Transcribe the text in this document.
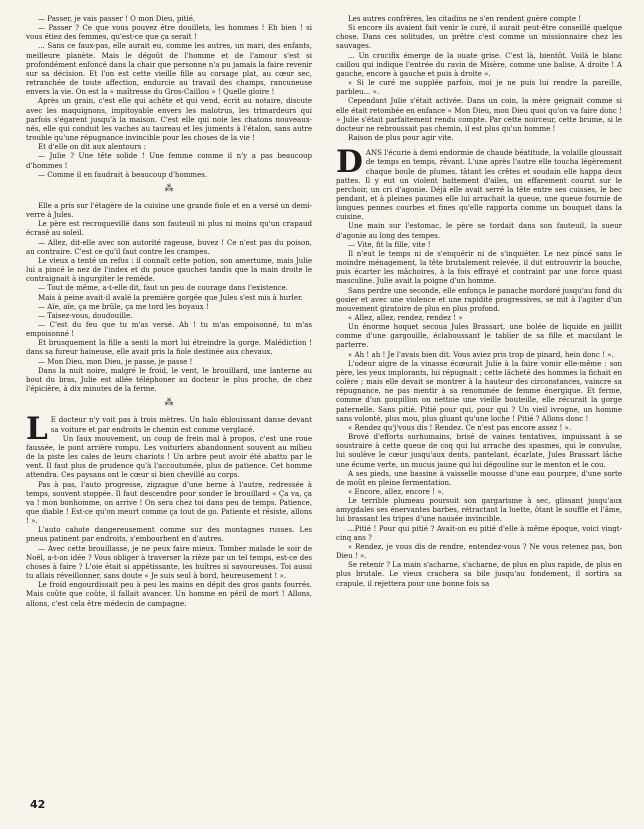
— Passer, je vais passer ! O mon Dieu, pitié.

— Passer ? Ce que vous pouvez être douillets, les hommes ! Eh bien ! si vous étiez des femmes, qu'est-ce que ça serait !

... Sans ce faux-pas, elle aurait eu, comme les autres, un mari, des enfants, meilleure planète. Mais le dégoût de l'homme et de l'amour s'est si profondément enfoncé dans la chair que personne n'a pu jamais la faire revenir sur sa décision. Et l'on est cette vieille fille au corsage plat, au cœur sec, retranchée de toute affection, endurcie au travail des champs, rancuneuse envers la vie. On est la « maîtresse du Gros-Caillou » ! Quelle gloire !

Après un grain, c'est elle qui achète et qui vend, écrit au notaire, discute avec les maquignons, impitoyable envers les malotrus, les trimardeurs qui parfois s'égarent jusqu'à la maison. C'est elle qui noie les chatons nouveaux-nés, elle qui conduit les vaches au taureau et les juments à l'étalon, sans autre trouble qu'une répugnance invincible pour les choses de la vie !

Et d'elle on dit aux alentours :

— Julie ? Une tête solide ! Une femme comme il n'y a pas beaucoup d'hommes !

— Comme il en faudrait à beaucoup d'hommes.

⁂

Elle a pris sur l'étagère de la cuisine une grande fiole et en a versé un demi-verre à Jules.

Le père est recroquevillé dans son fauteuil ni plus ni moins qu'un crapaud écrasé au soleil.

— Allez, dit-elle avec son autorité rageuse, buvez ! Ce n'est pas du poison, au contraire. C'est ce qu'il faut contre les crampes.

Le vieux a tenté un refus : il connaît cette potion, son amertume, mais Julie lui a pincé le nez de l'index et du pouce gauches tandis que la main droite le contraignait à ingurgiter le remède.

— Tout de même, a-t-elle dit, faut un peu de courage dans l'existence.

Mais à peine avait-il avalé la première gorgée que Jules s'est mis à hurler.

— Aïe, aïe, ça me brûle, ça me tord les boyaux !

— Taisez-vous, doudouille.

— C'est du feu que tu m'as versé. Ah ! tu m'as empoisonné, tu m'as empoisonné !

Et brusquement la fille a senti la mort lui étreindre la gorge. Malédiction ! dans sa fureur haineuse, elle avait pris la fiole destinée aux chevaux.

— Mon Dieu, mon Dieu, je passe, je passe !

Dans la nuit noire, malgré le froid, le vent, le brouillard, une lanterne au bout du bras, Julie est allée téléphoner au docteur le plus proche, de chez l'épicière, à dix minutes de la ferme.

⁂

L E docteur n'y voit pas à trois mètres. Un halo éblouissant danse devant sa voiture et par endroits le chemin est comme verglacé.

Un faux mouvement, un coup de frein mal à propos, c'est une roue faussée, le pont arrière rompu. Les voituriers abandonnent souvent au milieu de la piste les cales de leurs chariots ! Un arbre peut avoir été abattu par le vent. Il faut plus de prudence qu'à l'accoutumée, plus de patience. Cet homme attendra. Ces paysans ont le cœur si bien chevillé au corps.

Pas à pas, l'auto progresse, zigzague d'une berne à l'autre, redressée à temps, souvent stoppée. Il faut descendre pour sonder le brouillard « Ça va, ça va ! mon bonhomme, on arrive ! On sera chez toi dans peu de temps. Patience, que diable ! Est-ce qu'on meurt comme ça tout de go. Patiente et résiste, allons ! ».

L'auto cahote dangereusement comme sur des montagnes russes. Les pneus patinent par endroits, s'embourbent en d'autres.

— Avec cette brouillasse, je ne peux faire mieux. Tomber malade le soir de Noël, a-t-on idée ? Vous obliger à traverser la rièze par un tel temps, est-ce des choses à faire ? L'oie était si appétissante, les huîtres si savoureuses. Toi aussi tu allais réveillonner, sans doute « Je suis seul à bord, heureusement ! ».

Le froid engourdissait peu à peu les mains en dépit des gros gants fourrés. Mais coûte que coûte, il fallait avancer. Un homme en péril de mort ! Allons, allons, c'est cela être médecin de campagne.

Les autres confrères, les citadins ne s'en rendent guère compte !

Si encore ils avaient fait venir le curé, il aurait peut-être conseillé quelque chose. Dans ces solitudes, un prêtre c'est comme un missionnaire chez les sauvages.

... Un crucifix émerge de la ouate grise. C'est là, bientôt. Voilà le blanc caillou qui indique l'entrée du ravin de Misère, comme une balise. A droite ! A gauche, encore à gauche et puis à droite ».

« Si le curé me supplée parfois, moi je ne puis lui rendre la pareille, parbleu... ».

Cependant Julie s'était activée. Dans un coin, la mère geignait comme si elle était retombée en enfance « Mon Dieu, mon Dieu quoi qu'on va faire donc ! » Julie s'était parfaitement rendu compte. Par cette noirceur, cette brume, si le docteur ne rebroussait pas chemin, il est plus qu'un homme !

Raison de plus pour agir vite.

DANS l'écurie à demi endormie de chaude béatitude, la volaille gloussait de temps en temps, rêvant. L'une après l'autre elle toucha légèrement chaque boule de plumes, tâtant les crêtes et soudain elle happa deux pattes. Il y eut un violent battement d'ailes, un effarement courut sur le perchoir, un cri d'agonie. Déjà elle avait serré la tête entre ses cuisses, le bec pendant, et à pleines paumes elle lui arrachait la queue, une queue fournie de longues pennes courbes et fines qu'elle rapporta comme un bouquet dans la cuisine.

Une main sur l'estomac, le père se tordait dans son fauteuil, la sueur d'agonie au long des tempes.

— Vite, fit la fille, vite !

Il n'eut le temps ni de s'enquérir ni de s'inquiéter. Le nez pincé sans le moindre ménagement, la tête brutalement relevée, il dut entrouvrir la bouche, puis écarter les mâchoires, à la fois effrayé et contraint par une force quasi masculine. Julie avait la poigne d'un homme.

Sans perdre une seconde, elle enfonça le panache mordoré jusqu'au fond du gosier et avec une violence et une rapidité progressives, se mit à l'agiter d'un mouvement giratoire de plus en plus profond.

« Allez, allez, rendez, rendez ! »

Un énorme hoquet secoua Jules Brassart, une bolée de liquide en jaillit comme d'une gargouille, éclaboussant le tablier de sa fille et maculant le parterre.

« Ah ! ah ! Je l'avais bien dit. Vous aviez pris trop de pinard, hein donc ! ».

L'odeur aigre de la vinasse écœurait Julie à la faire vomir elle-même : son père, les yeux implorants, lui répugnait ; cette lâcheté des hommes la fichait en colère ; mais elle devait se montrer à la hauteur des circonstances, vaincre sa répugnance, ne pas mentir à sa renommée de femme énergique. Et ferme, comme d'un goupillon on nettoie une vieille bouteille, elle récurait la gorge paternelle. Sans pitié. Pitié pour qui, pour qui ? Un vieil ivrogne, un homme sans volonté, plus mou, plus gluant qu'une loche ! Pitié ? Allons donc !

« Rendez qu'j'vous dis ! Rendez. Ce n'est pas encore assez ! ».

Brové d'efforts surhumains, brisé de vaines tentatives, impuissant à se soustraire à cette queue de coq qui lui arrache des spasmes, qui le convulse, lui soulève le cœur jusqu'aux dents, pantelant, écarlate, Jules Brassart lâche une écume verte, un mucus jaune qui lui dégouline sur le menton et le cou.

A ses pieds, une bassine à vaisselle mousse d'une eau pourpre, d'une sorte de moût en pleine fermentation.

« Encore, allez, encore ! ».

Le terrible plumeau poursuit son gargarisme à sec, glissant jusqu'aux amygdales ses énervantes barbes, rétractant la luette, ôtant le souffle et l'âme, lui brassant les tripes d'une nausée invincible.

...Pitié ! Pour qui pitié ? Avait-on eu pitié d'elle à même époque, voici vingt-cinq ans ?

« Rendez, je vous dis de rendre, entendez-vous ? Ne vous retenez pas, bon Dieu ! ».

Se retenir ? La main s'acharne, s'acharne, de plus en plus rapide, de plus en plus brutale. Le vieux crachera sa bile jusqu'au fondement, il sortira sa crapule, il rejettera pour une bonne fois sa

42
